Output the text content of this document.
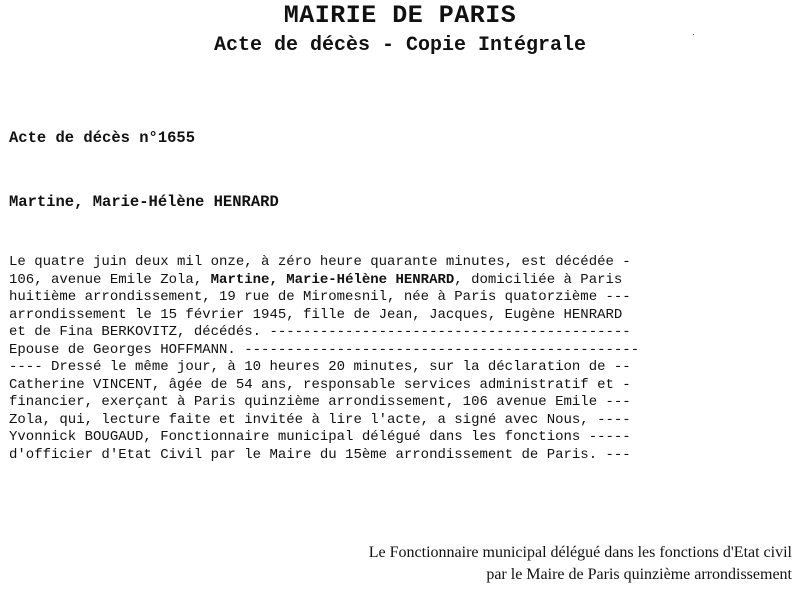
MAIRIE DE PARIS
Acte de décès - Copie Intégrale
Acte de décès n°1655
Martine, Marie-Hélène HENRARD
Le quatre juin deux mil onze, à zéro heure quarante minutes, est décédée -
106, avenue Emile Zola, Martine, Marie-Hélène HENRARD, domiciliée à Paris
huitième arrondissement, 19 rue de Miromesnil, née à Paris quatorzième ---
arrondissement le 15 février 1945, fille de Jean, Jacques, Eugène HENRARD
et de Fina BERKOVITZ, décédés. -------------------------------------------
Epouse de Georges HOFFMANN. -----------------------------------------------
---- Dressé le même jour, à 10 heures 20 minutes, sur la déclaration de --
Catherine VINCENT, âgée de 54 ans, responsable services administratif et -
financier, exerçant à Paris quinzième arrondissement, 106 avenue Emile ---
Zola, qui, lecture faite et invitée à lire l'acte, a signé avec Nous, ----
Yvonnick BOUGAUD, Fonctionnaire municipal délégué dans les fonctions -----
d'officier d'Etat Civil par le Maire du 15ème arrondissement de Paris. ---
Le Fonctionnaire municipal délégué dans les fonctions d'Etat civil
par le Maire de Paris quinzième arrondissement
